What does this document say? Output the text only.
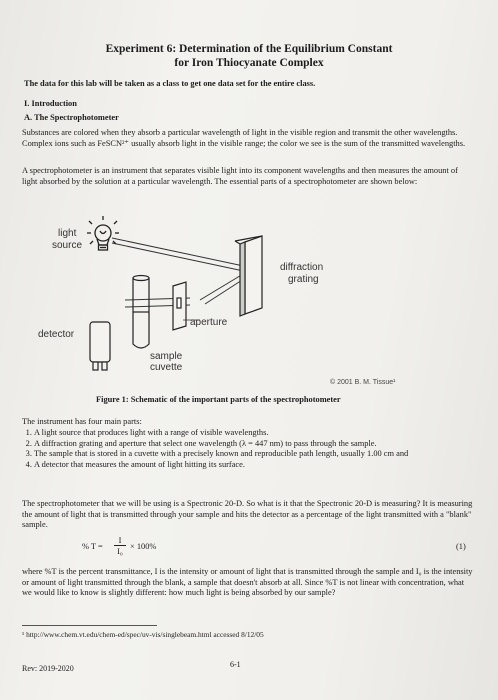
Experiment 6: Determination of the Equilibrium Constant

for Iron Thiocyanate Complex

The data for this lab will be taken as a class to get one data set for the entire class.

I. Introduction

A. The Spectrophotometer

Substances are colored when they absorb a particular wavelength of light in the visible region and transmit the other wavelengths. Complex ions such as FeSCN²⁺ usually absorb light in the visible range; the color we see is the sum of the transmitted wavelengths.

A spectrophotometer is an instrument that separates visible light into its component wavelengths and then measures the amount of light absorbed by the solution at a particular wavelength. The essential parts of a spectrophotometer are shown below:

light
source
diffraction
grating
aperture
sample
cuvette
detector
© 2001 B. M. Tissue¹

Figure 1: Schematic of the important parts of the spectrophotometer

The instrument has four main parts:

1. A light source that produces light with a range of visible wavelengths.
2. A diffraction grating and aperture that select one wavelength (λ = 447 nm) to pass through the sample.
3. The sample that is stored in a cuvette with a precisely known and reproducible path length, usually 1.00 cm and
4. A detector that measures the amount of light hitting its surface.

The spectrophotometer that we will be using is a Spectronic 20-D. So what is it that the Spectronic 20-D is measuring? It is measuring the amount of light that is transmitted through your sample and hits the detector as a percentage of the light transmitted with a "blank" sample.

% T =
I
I₀
× 100%	(1)

where %T is the percent transmittance, I is the intensity or amount of light that is transmitted through the sample and I₀ is the intensity or amount of light transmitted through the blank, a sample that doesn't absorb at all. Since %T is not linear with concentration, what we would like to know is slightly different: how much light is being absorbed by our sample?

¹ http://www.chem.vt.edu/chem-ed/spec/uv-vis/singlebeam.html accessed 8/12/05

Rev: 2019-2020	6-1
